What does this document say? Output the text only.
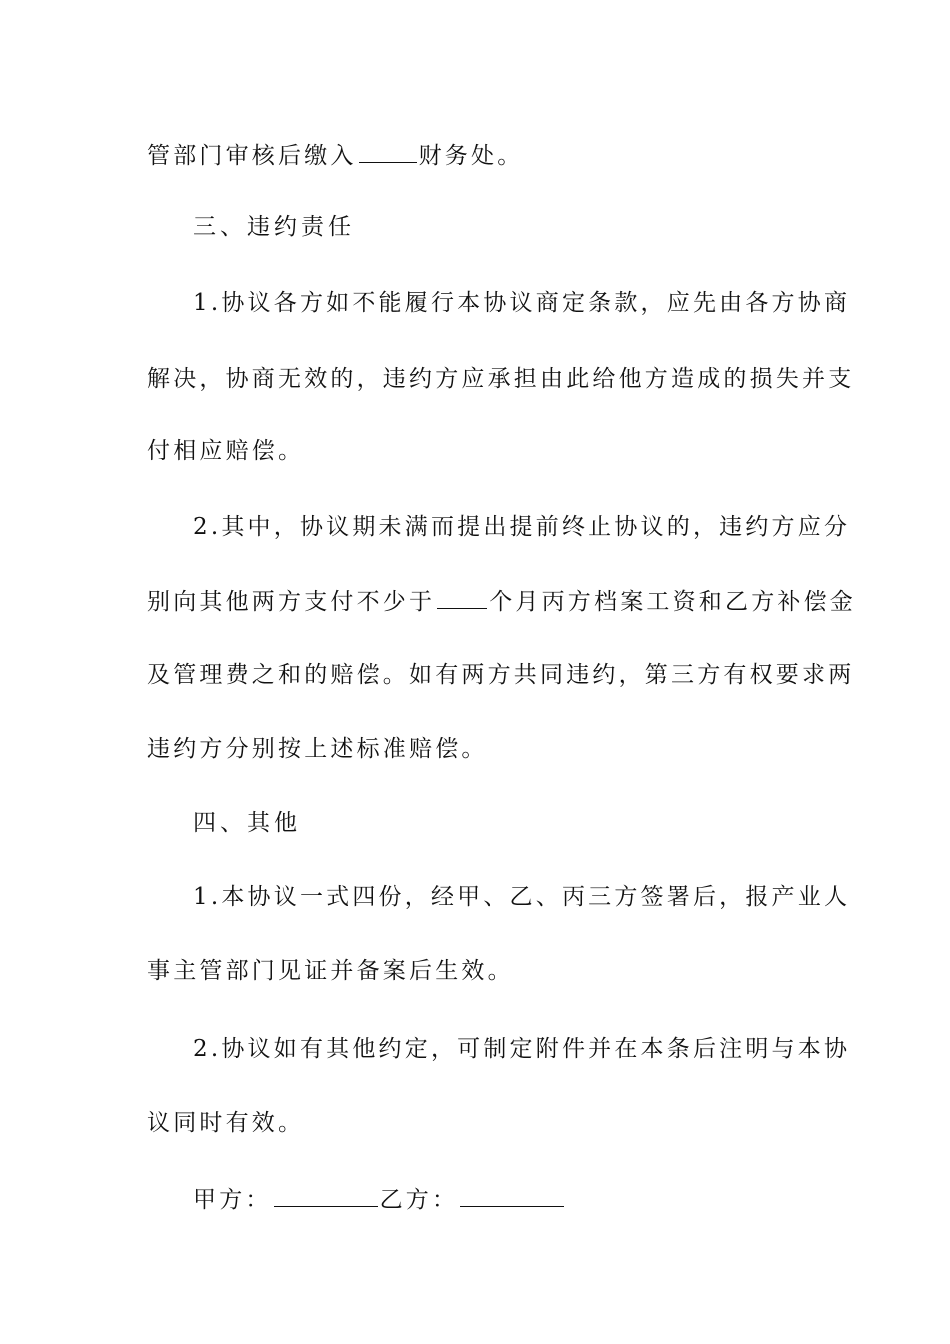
管部门审核后缴入	财务处。
三、违约责任
1.协议各方如不能履行本协议商定条款，应先由各方协商
解决，协商无效的，违约方应承担由此给他方造成的损失并支
付相应赔偿。
2.其中，协议期未满而提出提前终止协议的，违约方应分
别向其他两方支付不少于 个月丙方档案工资和乙方补偿金
及管理费之和的赔偿。如有两方共同违约，第三方有权要求两
违约方分别按上述标准赔偿。
四、其他
1.本协议一式四份，经甲、乙、丙三方签署后，报产业人
事主管部门见证并备案后生效。
2.协议如有其他约定，可制定附件并在本条后注明与本协
议同时有效。
甲方：	乙方：
